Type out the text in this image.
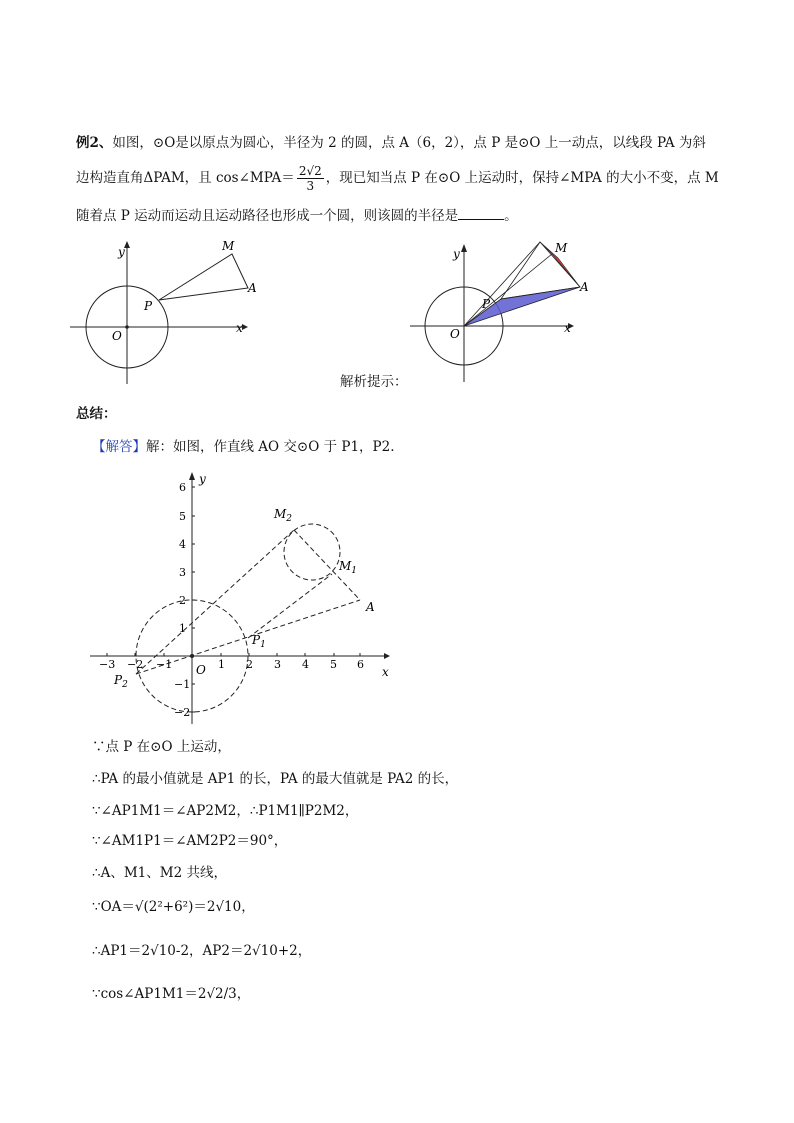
例2、如图，⊙O是以原点为圆心，半径为 2 的圆，点 A（6，2），点 P 是⊙O 上一动点，以线段 PA 为斜
边构造直角ΔPAM，且 cos∠MPA＝ $\frac{2√2}{3}$ ，现已知当点 P 在⊙O 上运动时，保持∠MPA 的大小不变，点 M
随着点 P 运动而运动且运动路径也形成一个圆，则该圆的半径是	。
x
y
O
P
M
A
x
y
O
P
M
A
解析提示：
总结：
【解答】解：如图，作直线 AO 交⊙O 于 P1，P2.
−3 −2 −1	1 2 3 4 5 6
6
5
4
3
2
1
−1
−2
x
y
O
A
$M_2$
$M_1$
$P_1$
$P_2$
∵点 P 在⊙O 上运动，
∴PA 的最小值就是 AP1 的长，PA 的最大值就是 PA2 的长，
∵∠AP1M1＝∠AP2M2，∴P1M1∥P2M2，
∵∠AM1P1＝∠AM2P2＝90°，
∴A、M1、M2 共线，
∵OA＝√(2²+6²)＝2√10，
∴AP1＝2√10-2，AP2＝2√10+2，
∵cos∠AP1M1＝2√2/3，
